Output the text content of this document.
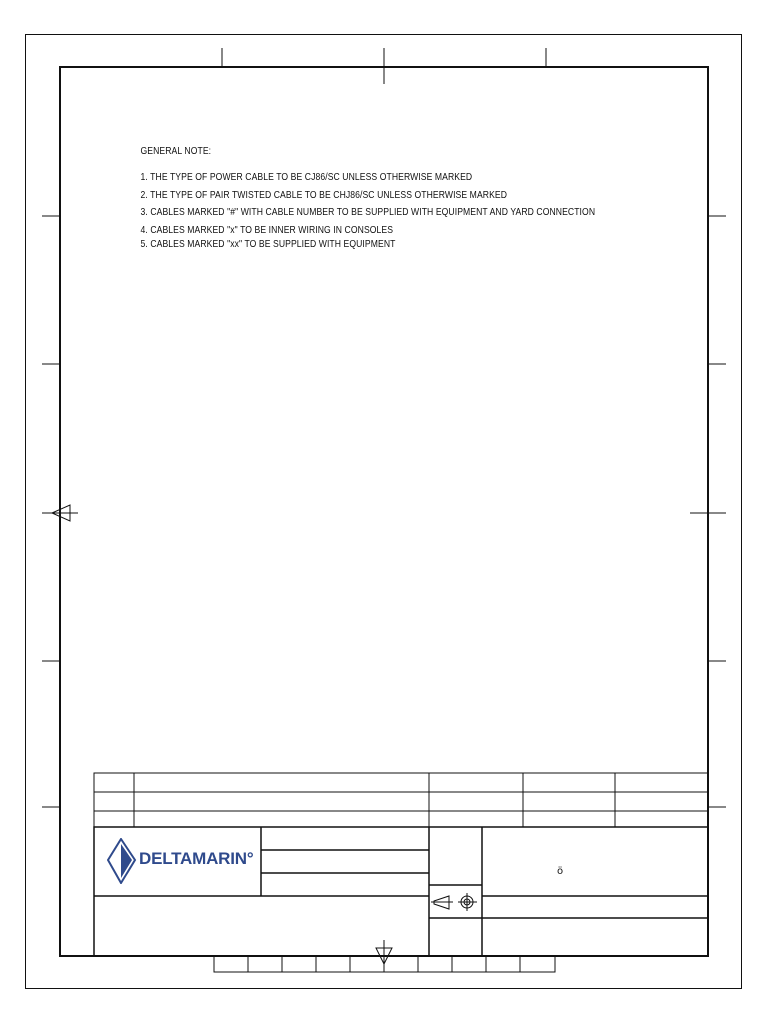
GENERAL NOTE:
1. THE TYPE OF POWER CABLE TO BE CJ86/SC UNLESS OTHERWISE MARKED
2. THE TYPE OF PAIR TWISTED CABLE TO BE CHJ86/SC UNLESS OTHERWISE MARKED
3. CABLES MARKED "#" WITH CABLE NUMBER TO BE SUPPLIED WITH EQUIPMENT AND YARD CONNECTION
4. CABLES MARKED "x" TO BE INNER WIRING IN CONSOLES
5. CABLES MARKED "xx" TO BE SUPPLIED WITH EQUIPMENT
DELTAMARIN°
ö
